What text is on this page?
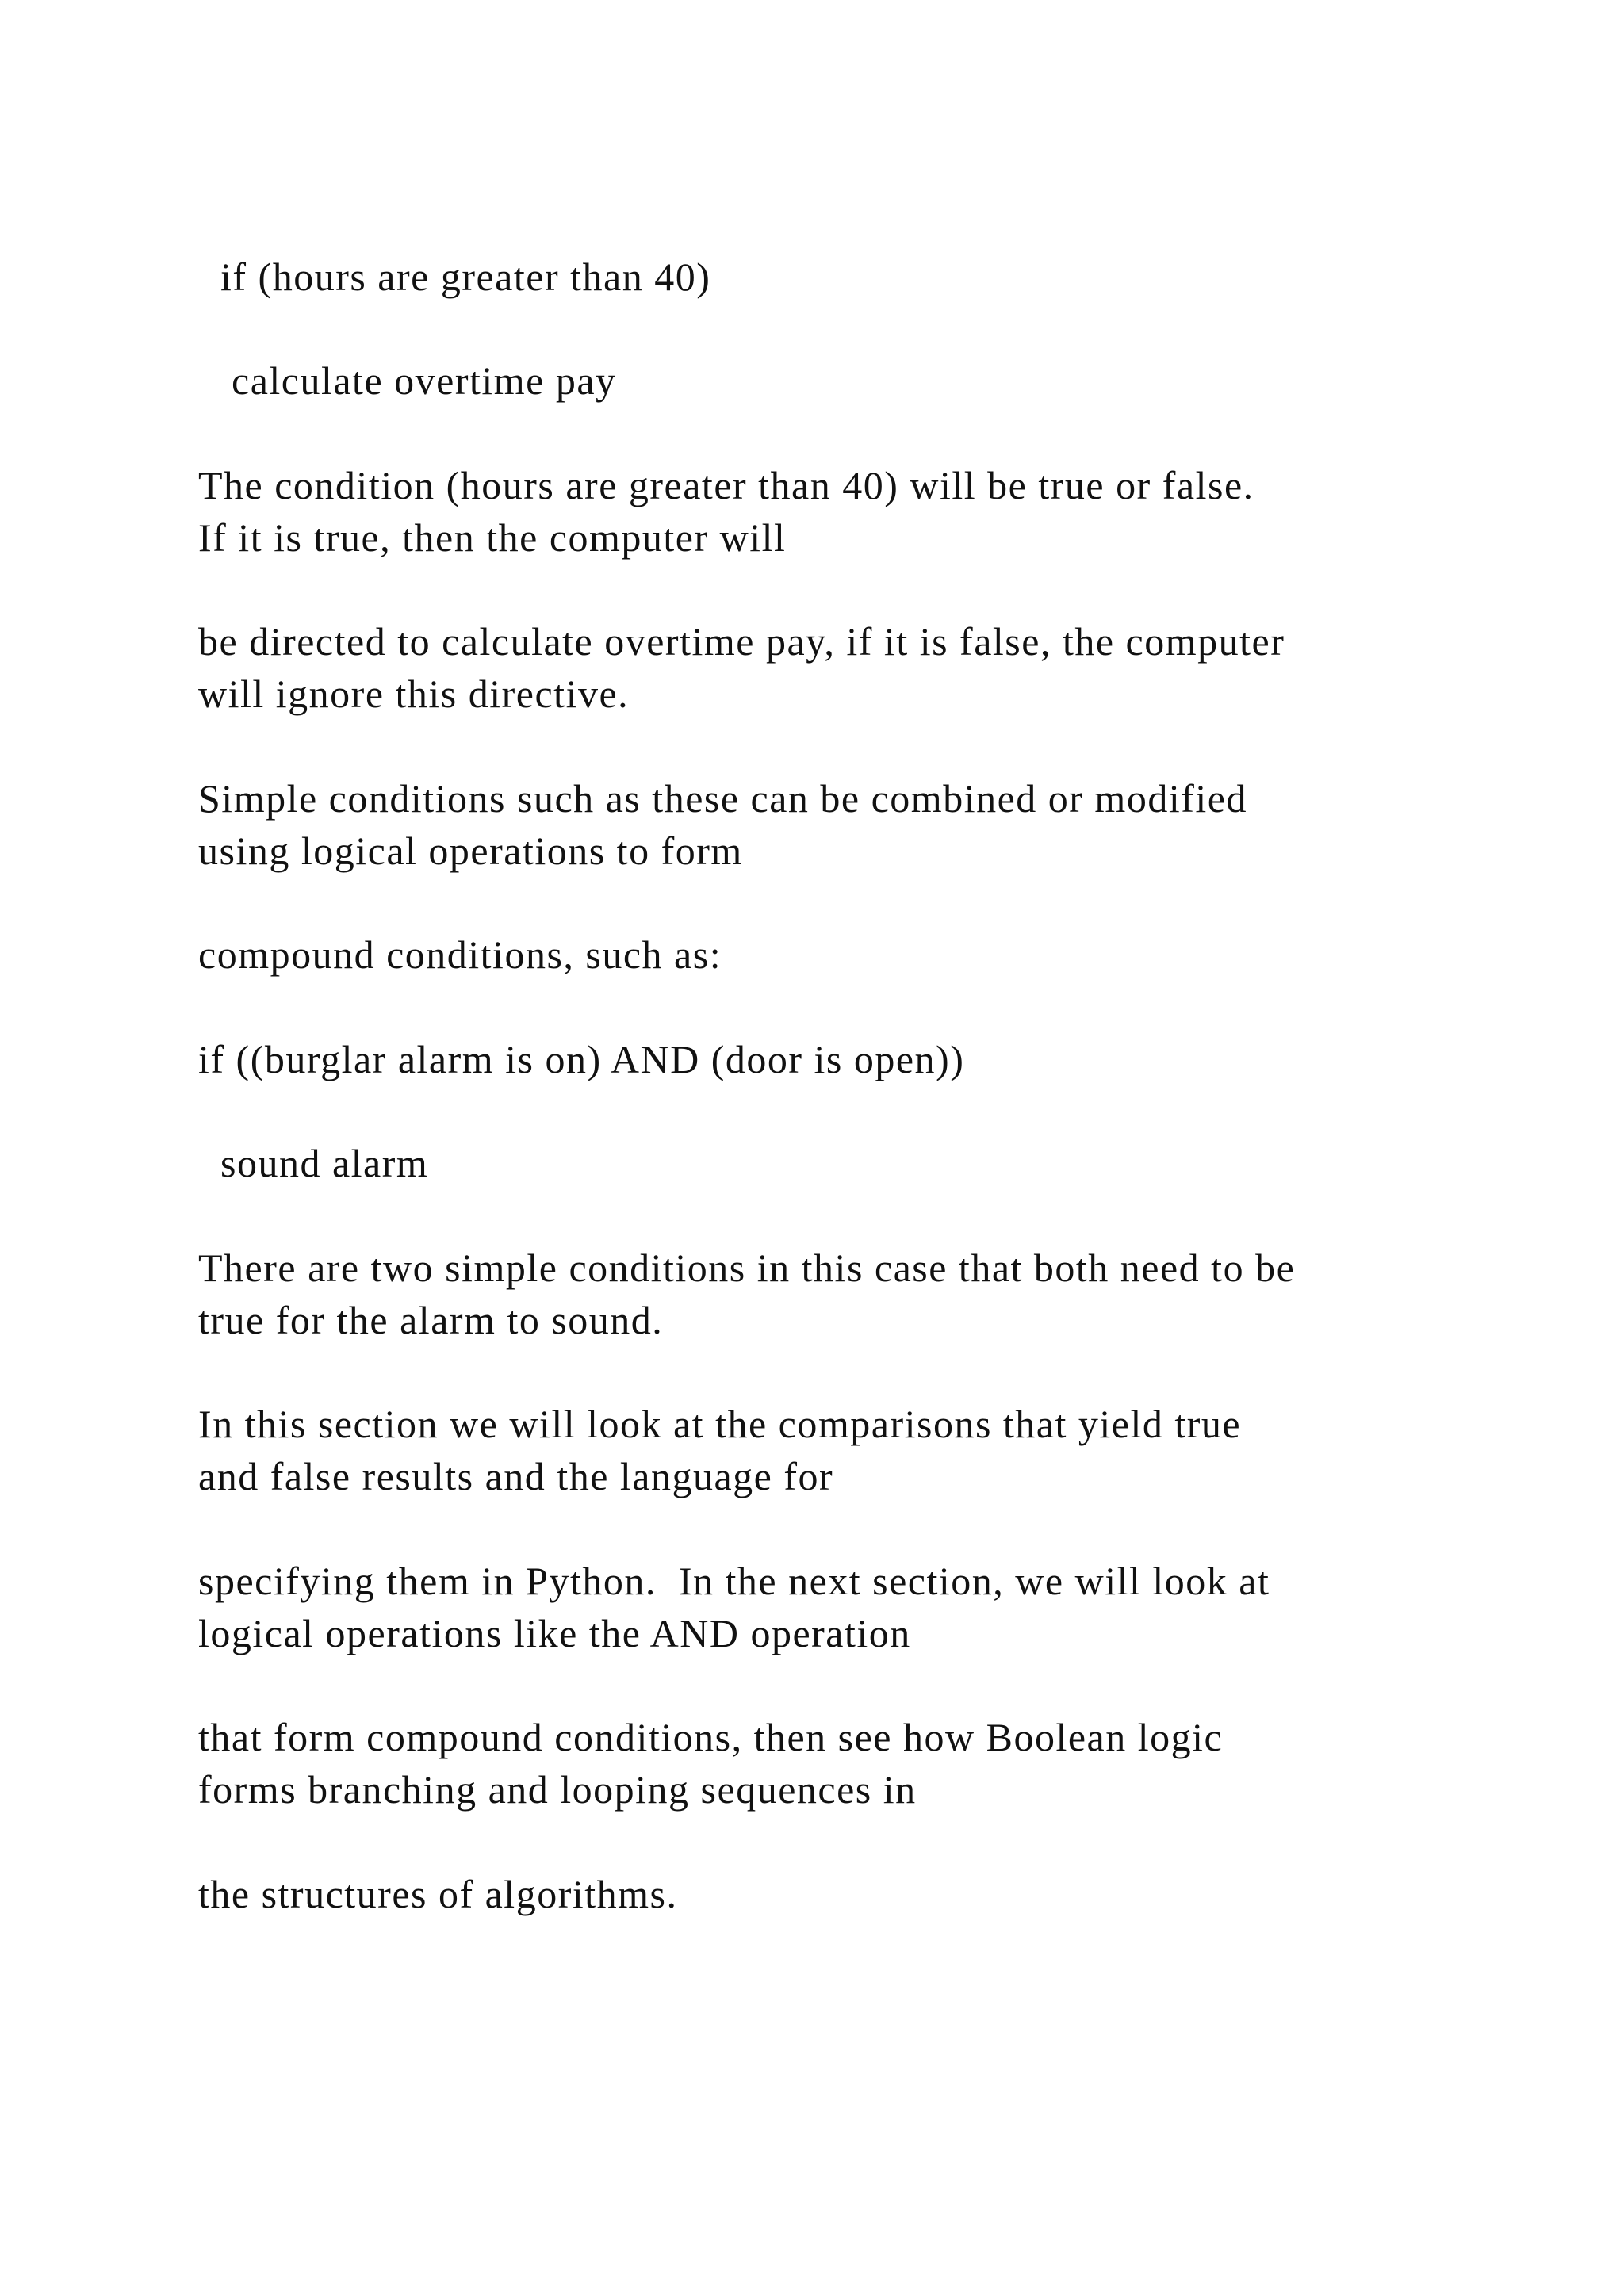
if (hours are greater than 40)
calculate overtime pay
The condition (hours are greater than 40) will be true or false.
If it is true, then the computer will
be directed to calculate overtime pay, if it is false, the computer
will ignore this directive.
Simple conditions such as these can be combined or modified
using logical operations to form
compound conditions, such as:
if ((burglar alarm is on) AND (door is open))
sound alarm
There are two simple conditions in this case that both need to be
true for the alarm to sound.
In this section we will look at the comparisons that yield true
and false results and the language for
specifying them in Python.  In the next section, we will look at
logical operations like the AND operation
that form compound conditions, then see how Boolean logic
forms branching and looping sequences in
the structures of algorithms.
